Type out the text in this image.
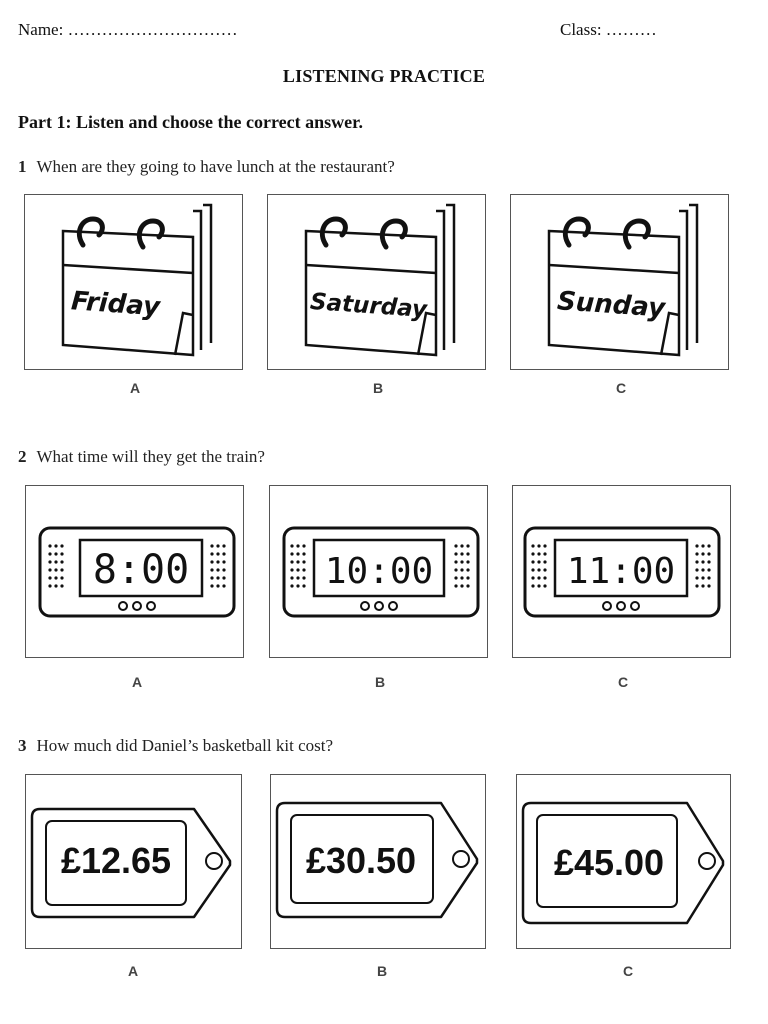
Name: …………………………	Class: ………
LISTENING PRACTICE
Part 1: Listen and choose the correct answer.
1 When are they going to have lunch at the restaurant?
Friday	Saturday	Sunday
A	B	C
2 What time will they get the train?
8:00	10:00	11:00
A	B	C
3 How much did Daniel’s basketball kit cost?
£12.65	£30.50	£45.00
A	B	C
